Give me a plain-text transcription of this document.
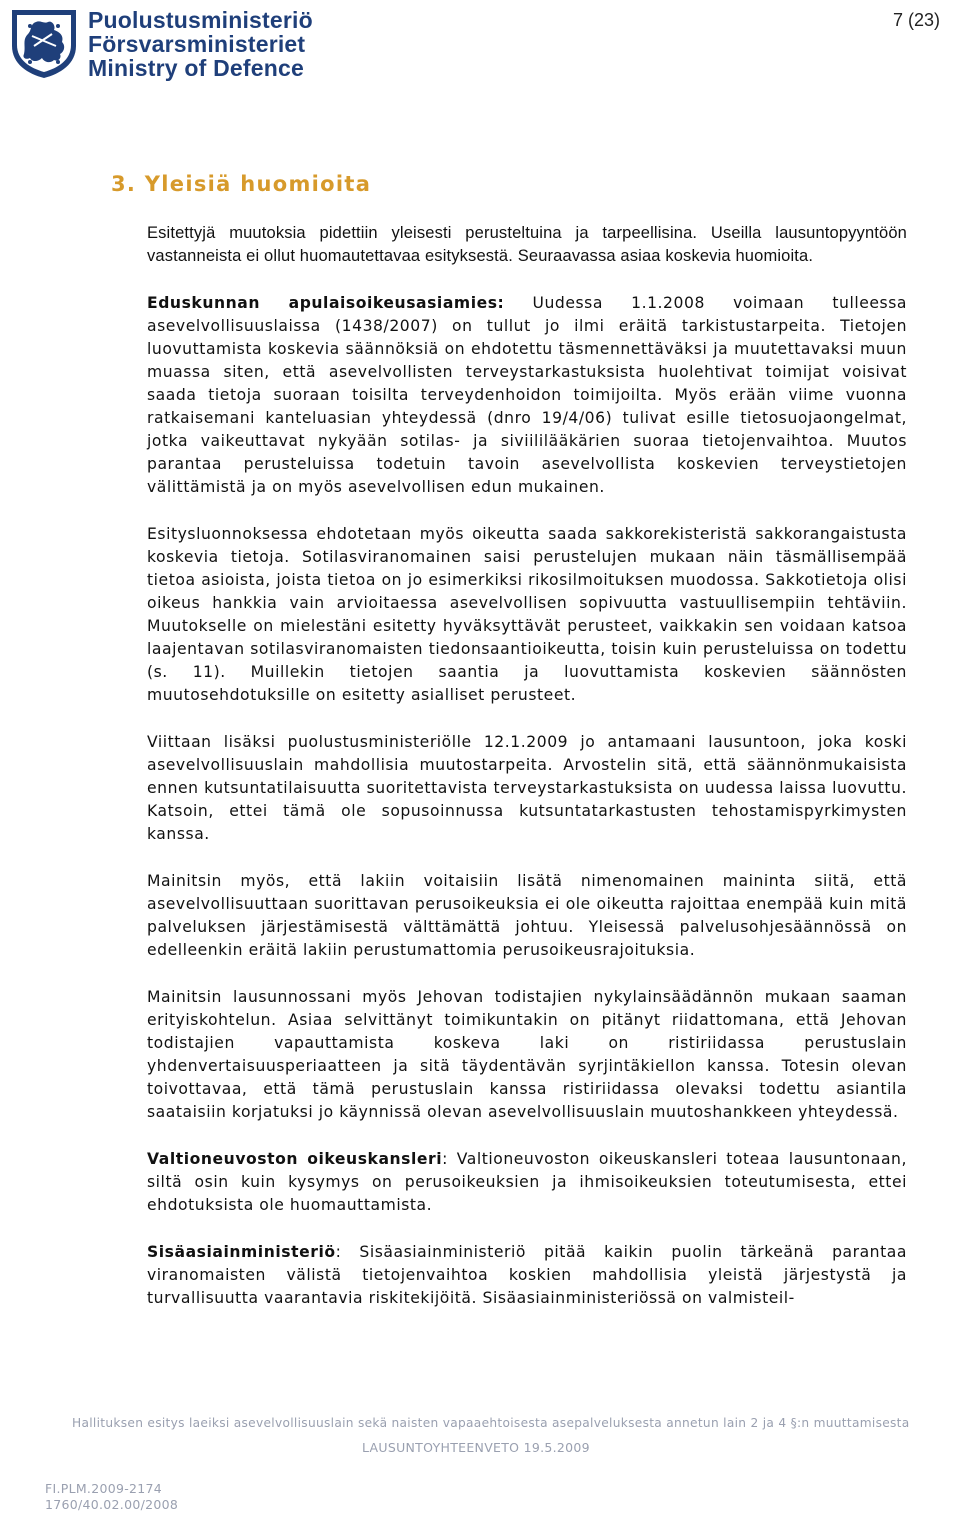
Puolustusministeriö
Försvarsministeriet
Ministry of Defence
7 (23)
3. Yleisiä huomioita

Esitettyjä muutoksia pidettiin yleisesti perusteltuina ja tarpeellisina. Useilla lausuntopyyntöön vastanneista ei ollut huomautettavaa esityksestä. Seuraavassa asiaa koskevia huomioita.

Eduskunnan apulaisoikeusasiamies: Uudessa 1.1.2008 voimaan tulleessa asevelvollisuuslaissa (1438/2007) on tullut jo ilmi eräitä tarkistustarpeita. Tietojen luovuttamista koskevia säännöksiä on ehdotettu täsmennettäväksi ja muutettavaksi muun muassa siten, että asevelvollisten terveystarkastuksista huolehtivat toimijat voisivat saada tietoja suoraan toisilta terveydenhoidon toimijoilta. Myös erään viime vuonna ratkaisemani kanteluasian yhteydessä (dnro 19/4/06) tulivat esille tietosuojaongelmat, jotka vaikeuttavat nykyään sotilas- ja siviililääkärien suoraa tietojenvaihtoa. Muutos parantaa perusteluissa todetuin tavoin asevelvollista koskevien terveystietojen välittämistä ja on myös asevelvollisen edun mukainen.

Esitysluonnoksessa ehdotetaan myös oikeutta saada sakkorekisteristä sakkorangaistusta koskevia tietoja. Sotilasviranomainen saisi perustelujen mukaan näin täsmällisempää tietoa asioista, joista tietoa on jo esimerkiksi rikosilmoituksen muodossa. Sakkotietoja olisi oikeus hankkia vain arvioitaessa asevelvollisen sopivuutta vastuullisempiin tehtäviin. Muutokselle on mielestäni esitetty hyväksyttävät perusteet, vaikkakin sen voidaan katsoa laajentavan sotilasviranomaisten tiedonsaantioikeutta, toisin kuin perusteluissa on todettu (s. 11). Muillekin tietojen saantia ja luovuttamista koskevien säännösten muutosehdotuksille on esitetty asialliset perusteet.

Viittaan lisäksi puolustusministeriölle 12.1.2009 jo antamaani lausuntoon, joka koski asevelvollisuuslain mahdollisia muutostarpeita. Arvostelin sitä, että säännönmukaisista ennen kutsuntatilaisuutta suoritettavista terveystarkastuksista on uudessa laissa luovuttu. Katsoin, ettei tämä ole sopusoinnussa kutsuntatarkastusten tehostamispyrkimysten kanssa.

Mainitsin myös, että lakiin voitaisiin lisätä nimenomainen maininta siitä, että asevelvollisuuttaan suorittavan perusoikeuksia ei ole oikeutta rajoittaa enempää kuin mitä palveluksen järjestämisestä välttämättä johtuu. Yleisessä palvelusohjesäännössä on edelleenkin eräitä lakiin perustumattomia perusoikeusrajoituksia.

Mainitsin lausunnossani myös Jehovan todistajien nykylainsäädännön mukaan saaman erityiskohtelun. Asiaa selvittänyt toimikuntakin on pitänyt riidattomana, että Jehovan todistajien vapauttamista koskeva laki on ristiriidassa perustuslain yhdenvertaisuusperiaatteen ja sitä täydentävän syrjintäkiellon kanssa. Totesin olevan toivottavaa, että tämä perustuslain kanssa ristiriidassa olevaksi todettu asiantila saataisiin korjatuksi jo käynnissä olevan asevelvollisuuslain muutoshankkeen yhteydessä.

Valtioneuvoston oikeuskansleri: Valtioneuvoston oikeuskansleri toteaa lausuntonaan, siltä osin kuin kysymys on perusoikeuksien ja ihmisoikeuksien toteutumisesta, ettei ehdotuksista ole huomauttamista.

Sisäasiainministeriö: Sisäasiainministeriö pitää kaikin puolin tärkeänä parantaa viranomaisten välistä tietojenvaihtoa koskien mahdollisia yleistä järjestystä ja turvallisuutta vaarantavia riskitekijöitä. Sisäasiainministeriössä on valmisteil-

Hallituksen esitys laeiksi asevelvollisuuslain sekä naisten vapaaehtoisesta asepalveluksesta annetun lain 2 ja 4 §:n muuttamisesta
LAUSUNTOYHTEENVETO 19.5.2009
FI.PLM.2009-2174
1760/40.02.00/2008
